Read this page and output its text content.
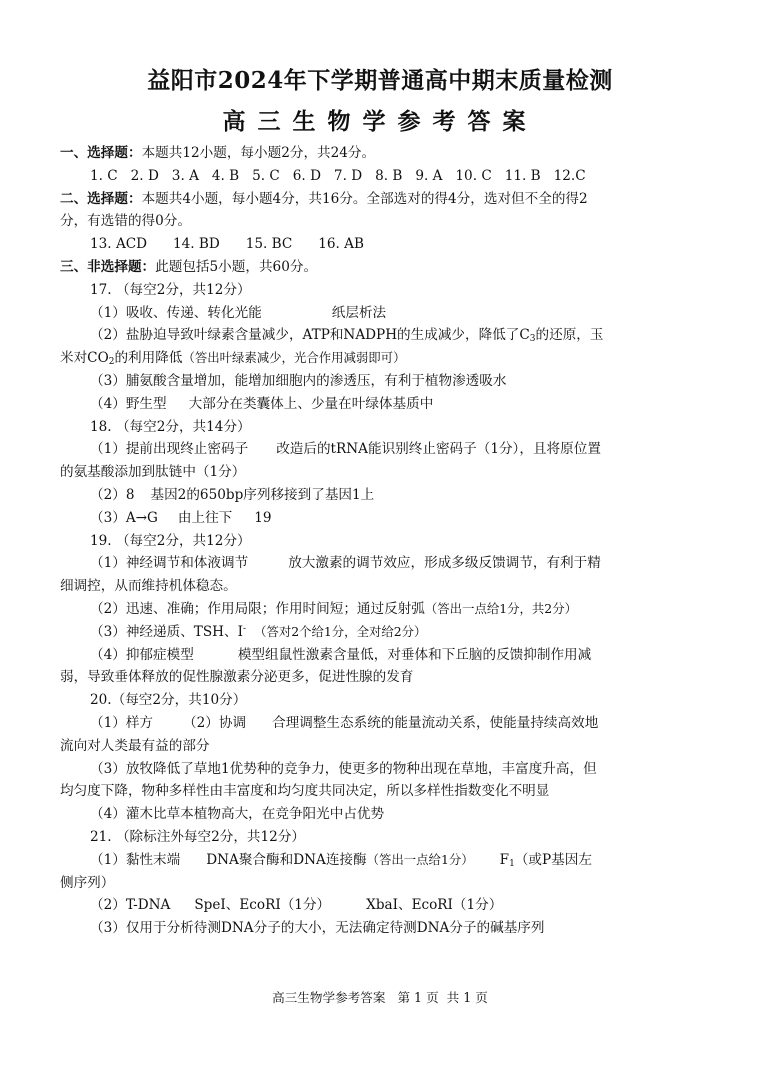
益阳市2024年下学期普通高中期末质量检测
高三生物学参考答案
一、选择题：本题共12小题，每小题2分，共24分。
1. C   2. D   3. A   4. B   5. C   6. D   7. D   8. B   9. A   10. C   11. B   12.C
二、选择题：本题共4小题，每小题4分，共16分。全部选对的得4分，选对但不全的得2
分，有选错的得0分。
13. ACD      14. BD      15. BC      16. AB
三、非选择题：此题包括5小题，共60分。
17. （每空2分，共12分）
（1）吸收、传递、转化光能	纸层析法
（2）盐胁迫导致叶绿素含量减少，ATP和NADPH的生成减少，降低了$C_3$的还原，玉
米对$CO_2$的利用降低（答出叶绿素减少，光合作用减弱即可）
（3）脯氨酸含量增加，能增加细胞内的渗透压，有利于植物渗透吸水
（4）野生型 大部分在类囊体上、少量在叶绿体基质中
18. （每空2分，共14分）
（1）提前出现终止密码子 改造后的tRNA能识别终止密码子（1分），且将原位置
的氨基酸添加到肽链中（1分）
（2）8 基因2的650bp序列移接到了基因1上
（3）A→G 由上往下 19
19. （每空2分，共12分）
（1）神经调节和体液调节	放大激素的调节效应，形成多级反馈调节，有利于精
细调控，从而维持机体稳态。
（2）迅速、准确；作用局限；作用时间短；通过反射弧（答出一点给1分，共2分）
（3）神经递质、TSH、I- （答对2个给1分，全对给2分）
（4）抑郁症模型	模型组鼠性激素含量低，对垂体和下丘脑的反馈抑制作用减
弱，导致垂体释放的促性腺激素分泌更多，促进性腺的发育
20.（每空2分，共10分）
（1）样方 （2）协调 合理调整生态系统的能量流动关系，使能量持续高效地
流向对人类最有益的部分
（3）放牧降低了草地1优势种的竞争力，使更多的物种出现在草地，丰富度升高，但
均匀度下降，物种多样性由丰富度和均匀度共同决定，所以多样性指数变化不明显
（4）灌木比草本植物高大，在竞争阳光中占优势
21. （除标注外每空2分，共12分）
（1）黏性末端 DNA聚合酶和DNA连接酶（答出一点给1分） $F_1$（或P基因左
侧序列）
（2）T-DNA SpeI、EcoRI（1分）	XbaI、EcoRI（1分）
（3）仅用于分析待测DNA分子的大小，无法确定待测DNA分子的碱基序列
高三生物学参考答案   第 1 页  共 1 页
